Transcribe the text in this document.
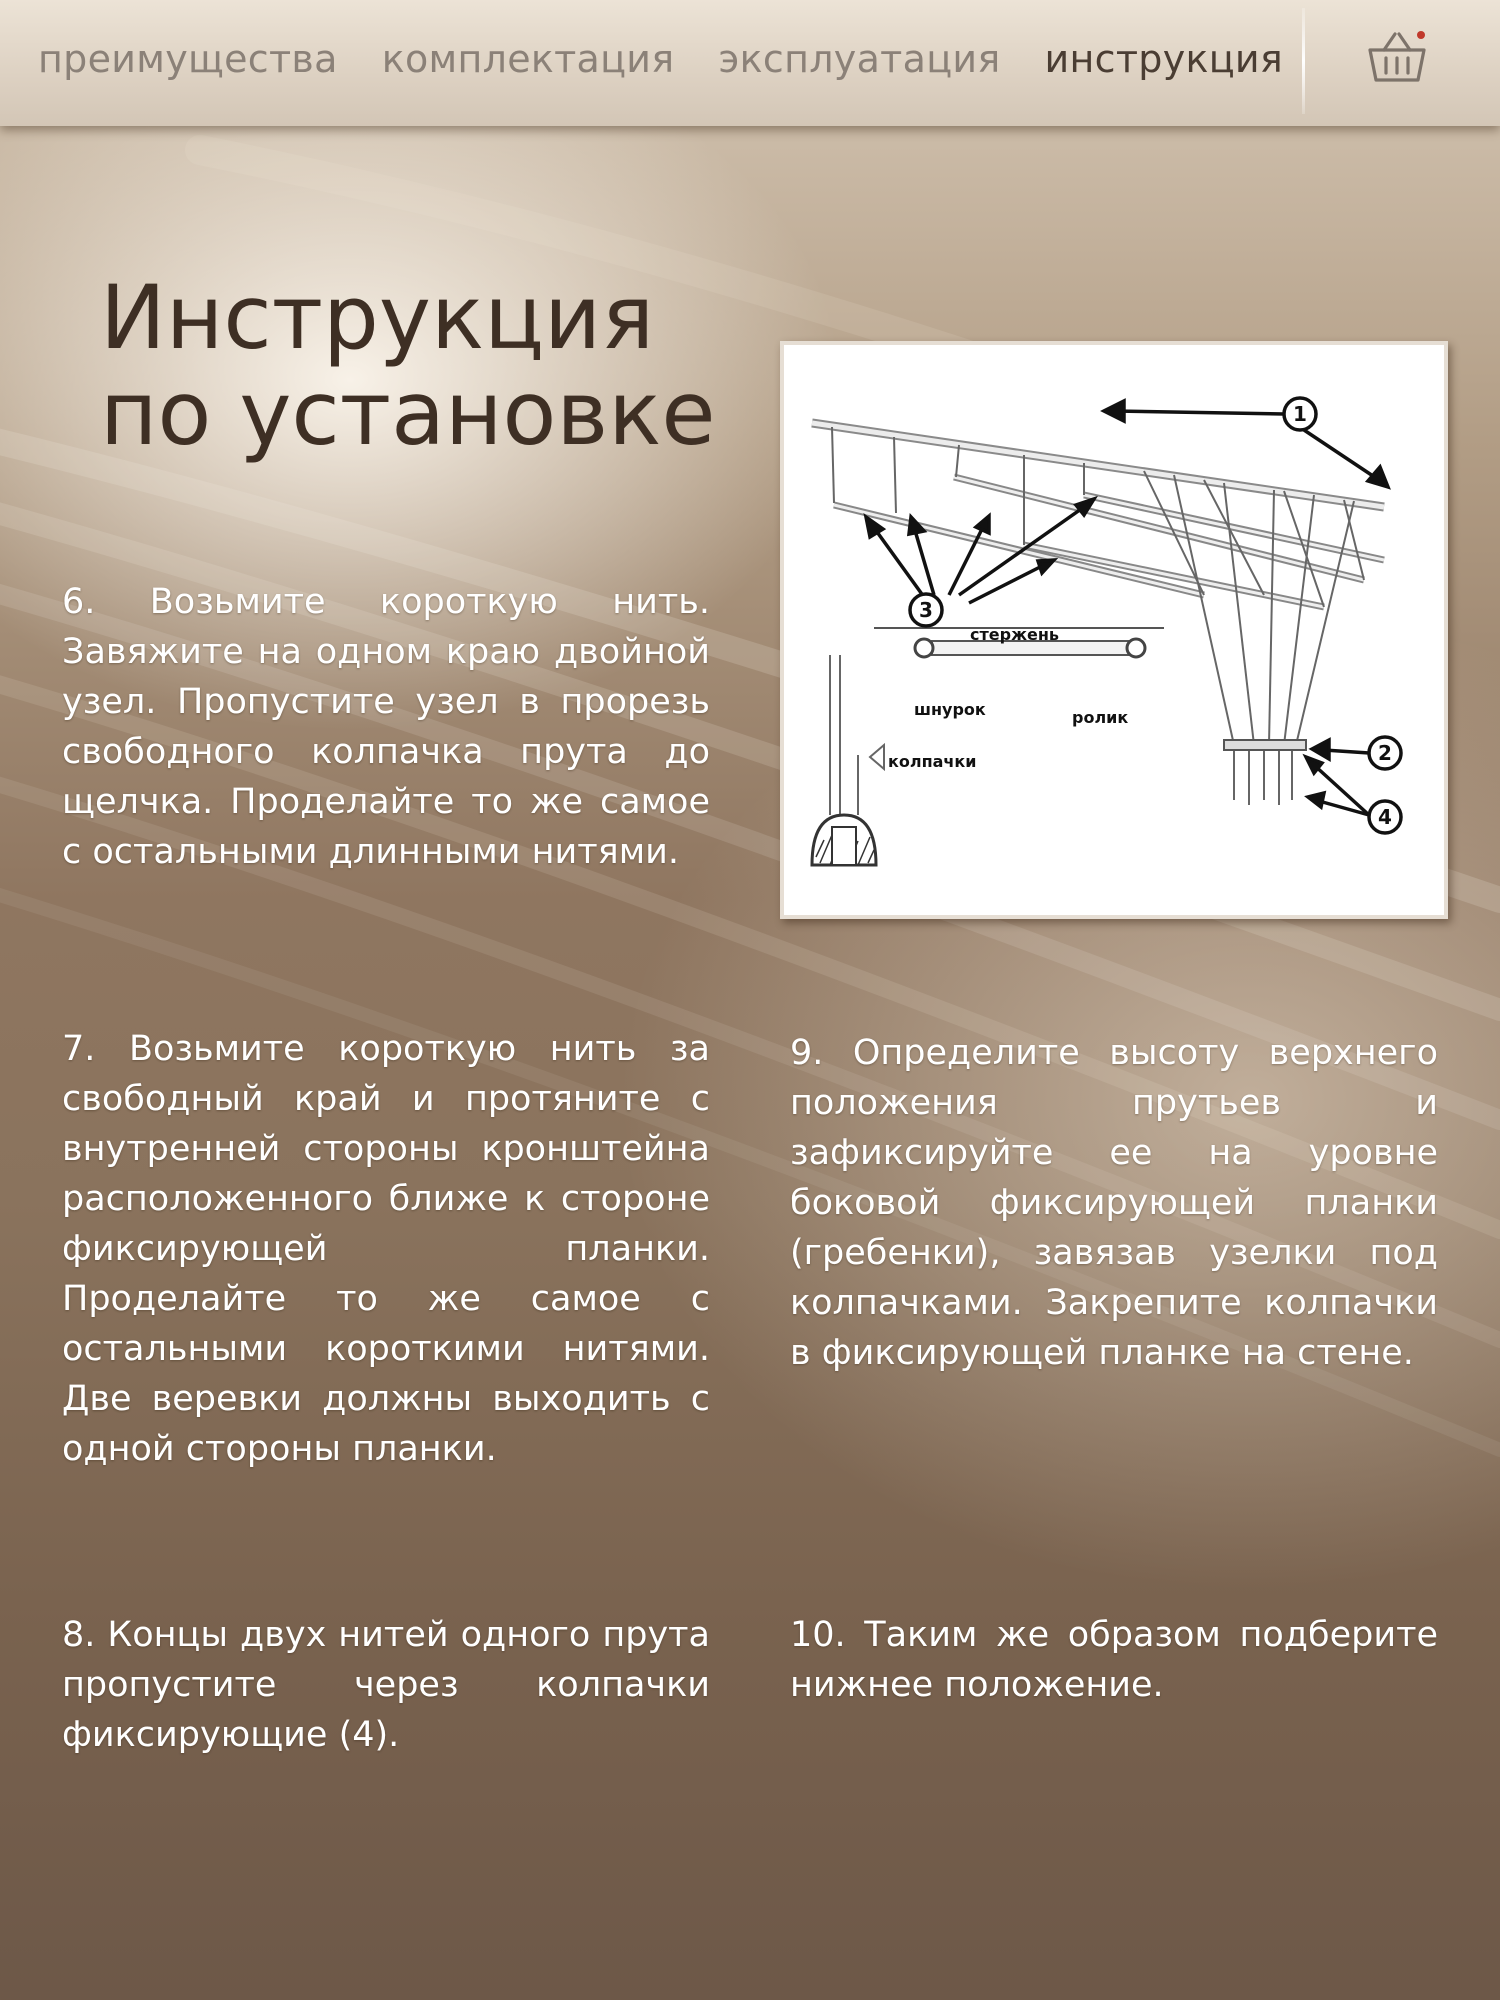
преимущества комплектация эксплуатация инструкция
Инструкция
по установке	1
2
3
4
стержень
шнурок	ролик
колпачки

6. Возьмите короткую нить. Завяжите на одном краю двойной узел. Пропустите узел в прорезь свободного колпачка прута до щелчка. Проделайте то же самое с остальными длинными нитями.

7. Возьмите короткую нить за свободный край и протяните с внутренней стороны кронштейна расположенного ближе к стороне фиксирующей планки. Проделайте то же самое с остальными короткими нитями. Две веревки должны выходить с одной стороны планки.

8. Концы двух нитей одного прута пропустите через колпачки фиксирующие (4).

9. Определите высоту верхнего положения прутьев и зафиксируйте ее на уровне боковой фиксирующей планки (гребенки), завязав узелки под колпачками. Закрепите колпачки в фиксирующей планке на стене.

10. Таким же образом подберите нижнее положение.
